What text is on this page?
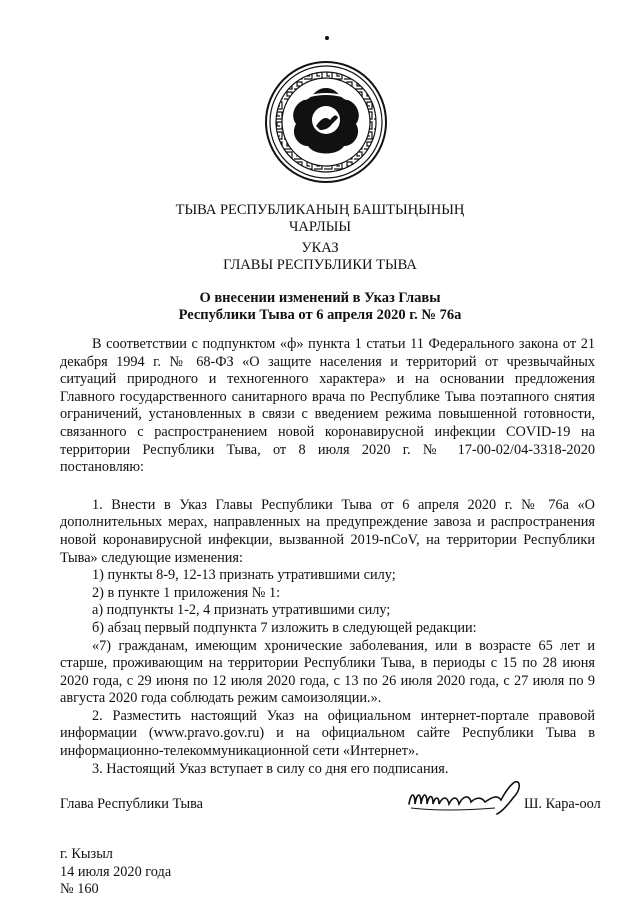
ТЫВА РЕСПУБЛИКАНЫҢ БАШТЫҢЫНЫҢ
ЧАРЛЫЫ
УКАЗ
ГЛАВЫ РЕСПУБЛИКИ ТЫВА
О внесении изменений в Указ Главы
Республики Тыва от 6 апреля 2020 г. № 76а

В соответствии с подпунктом «ф» пункта 1 статьи 11 Федерального закона от 21 декабря 1994 г. № 68-ФЗ «О защите населения и территорий от чрезвычайных ситуаций природного и техногенного характера» и на основании предложения Главного государственного санитарного врача по Республике Тыва поэтапного снятия ограничений, установленных в связи с введением режима повышенной готовности, связанного с распространением новой коронавирусной инфекции COVID-19 на территории Республики Тыва, от 8 июля 2020 г. № 17-00-02/04-3318-2020 постановляю:

1. Внести в Указ Главы Республики Тыва от 6 апреля 2020 г. № 76а «О дополнительных мерах, направленных на предупреждение завоза и распространения новой коронавирусной инфекции, вызванной 2019-nCoV, на территории Республики Тыва» следующие изменения:

1) пункты 8-9, 12-13 признать утратившими силу;

2) в пункте 1 приложения № 1:

а) подпункты 1-2, 4 признать утратившими силу;

б) абзац первый подпункта 7 изложить в следующей редакции:

«7) гражданам, имеющим хронические заболевания, или в возрасте 65 лет и старше, проживающим на территории Республики Тыва, в периоды с 15 по 28 июня 2020 года, с 29 июня по 12 июля 2020 года, с 13 по 26 июля 2020 года, с 27 июля по 9 августа 2020 года соблюдать режим самоизоляции.».

2. Разместить настоящий Указ на официальном интернет-портале правовой информации (www.pravo.gov.ru) и на официальном сайте Республики Тыва в информационно-телекоммуникационной сети «Интернет».

3. Настоящий Указ вступает в силу со дня его подписания.

Глава Республики Тыва	Ш. Кара-оол
г. Кызыл
14 июля 2020 года
№ 160
